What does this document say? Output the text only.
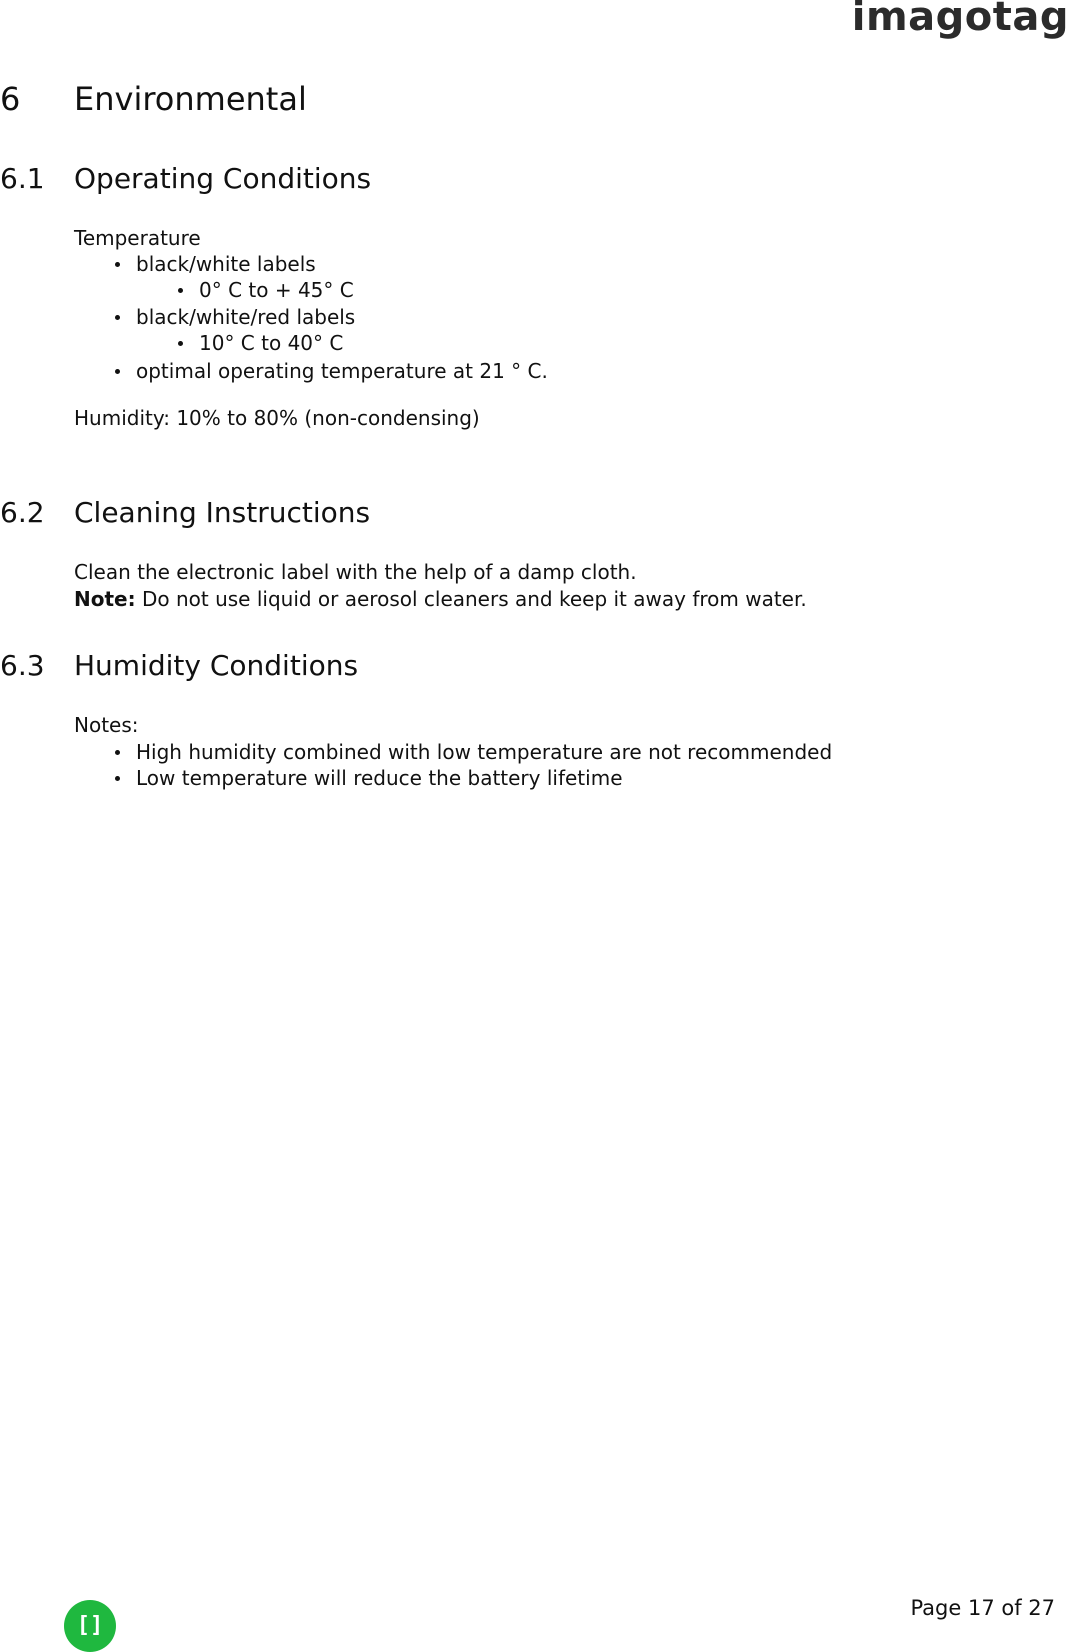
imagotag
6 Environmental
6.1 Operating Conditions
Temperature
black/white labels
0° C to + 45° C
black/white/red labels
10° C to 40° C
optimal operating temperature at 21 ° C.
Humidity: 10% to 80% (non-condensing)
6.2 Cleaning Instructions
Clean the electronic label with the help of a damp cloth.
Note: Do not use liquid or aerosol cleaners and keep it away from water.
6.3 Humidity Conditions
Notes:
High humidity combined with low temperature are not recommended
Low temperature will reduce the battery lifetime
[]
Page 17 of 27
